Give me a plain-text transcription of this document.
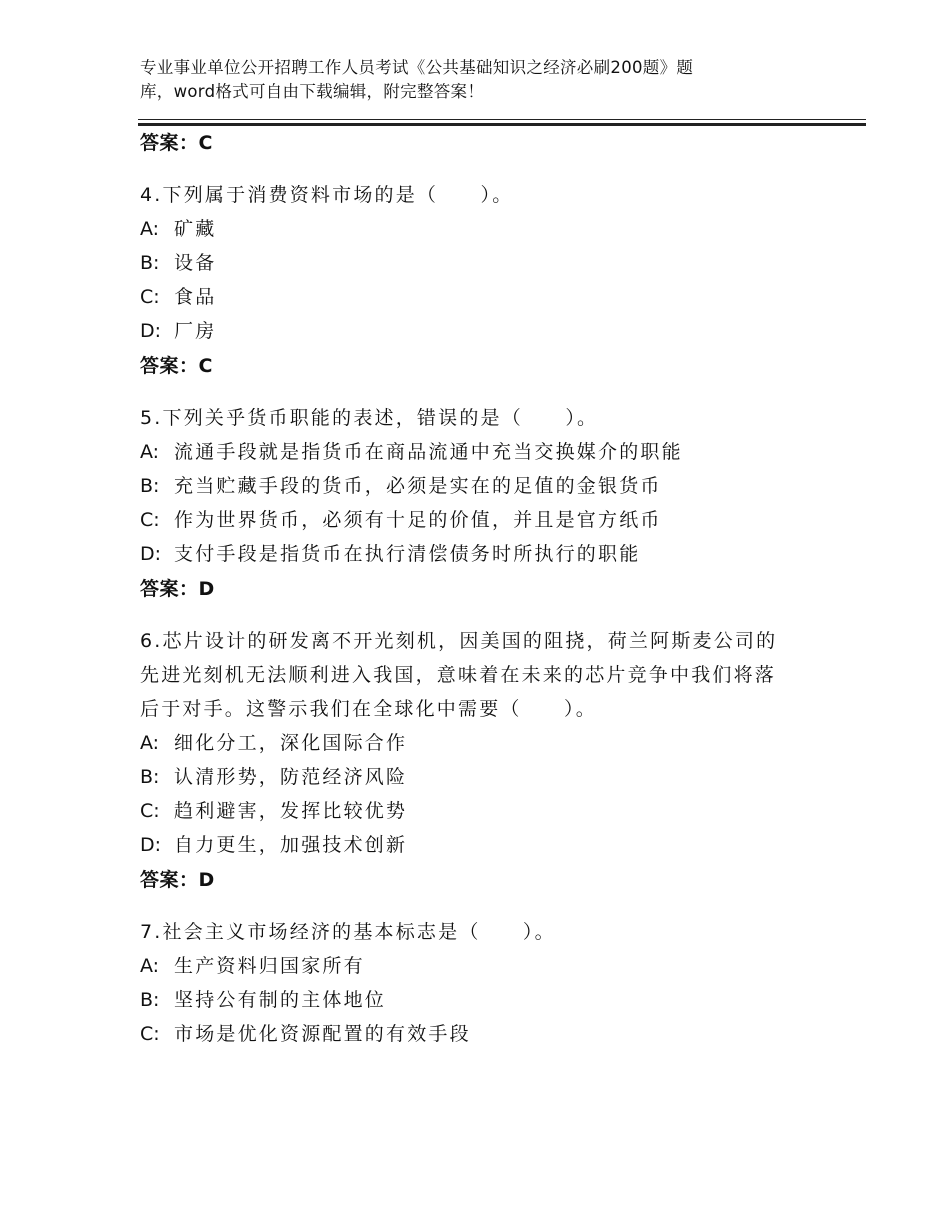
专业事业单位公开招聘工作人员考试《公共基础知识之经济必刷200题》题
库，word格式可自由下载编辑，附完整答案！
答案：C
4.下列属于消费资料市场的是（　　）。
A: 矿藏
B: 设备
C: 食品
D: 厂房
答案：C
5.下列关乎货币职能的表述，错误的是（　　）。
A: 流通手段就是指货币在商品流通中充当交换媒介的职能
B: 充当贮藏手段的货币，必须是实在的足值的金银货币
C: 作为世界货币，必须有十足的价值，并且是官方纸币
D: 支付手段是指货币在执行清偿债务时所执行的职能
答案：D
6.芯片设计的研发离不开光刻机，因美国的阻挠，荷兰阿斯麦公司的
先进光刻机无法顺利进入我国，意味着在未来的芯片竞争中我们将落
后于对手。这警示我们在全球化中需要（　　）。
A: 细化分工，深化国际合作
B: 认清形势，防范经济风险
C: 趋利避害，发挥比较优势
D: 自力更生，加强技术创新
答案：D
7.社会主义市场经济的基本标志是（　　）。
A: 生产资料归国家所有
B: 坚持公有制的主体地位
C: 市场是优化资源配置的有效手段
